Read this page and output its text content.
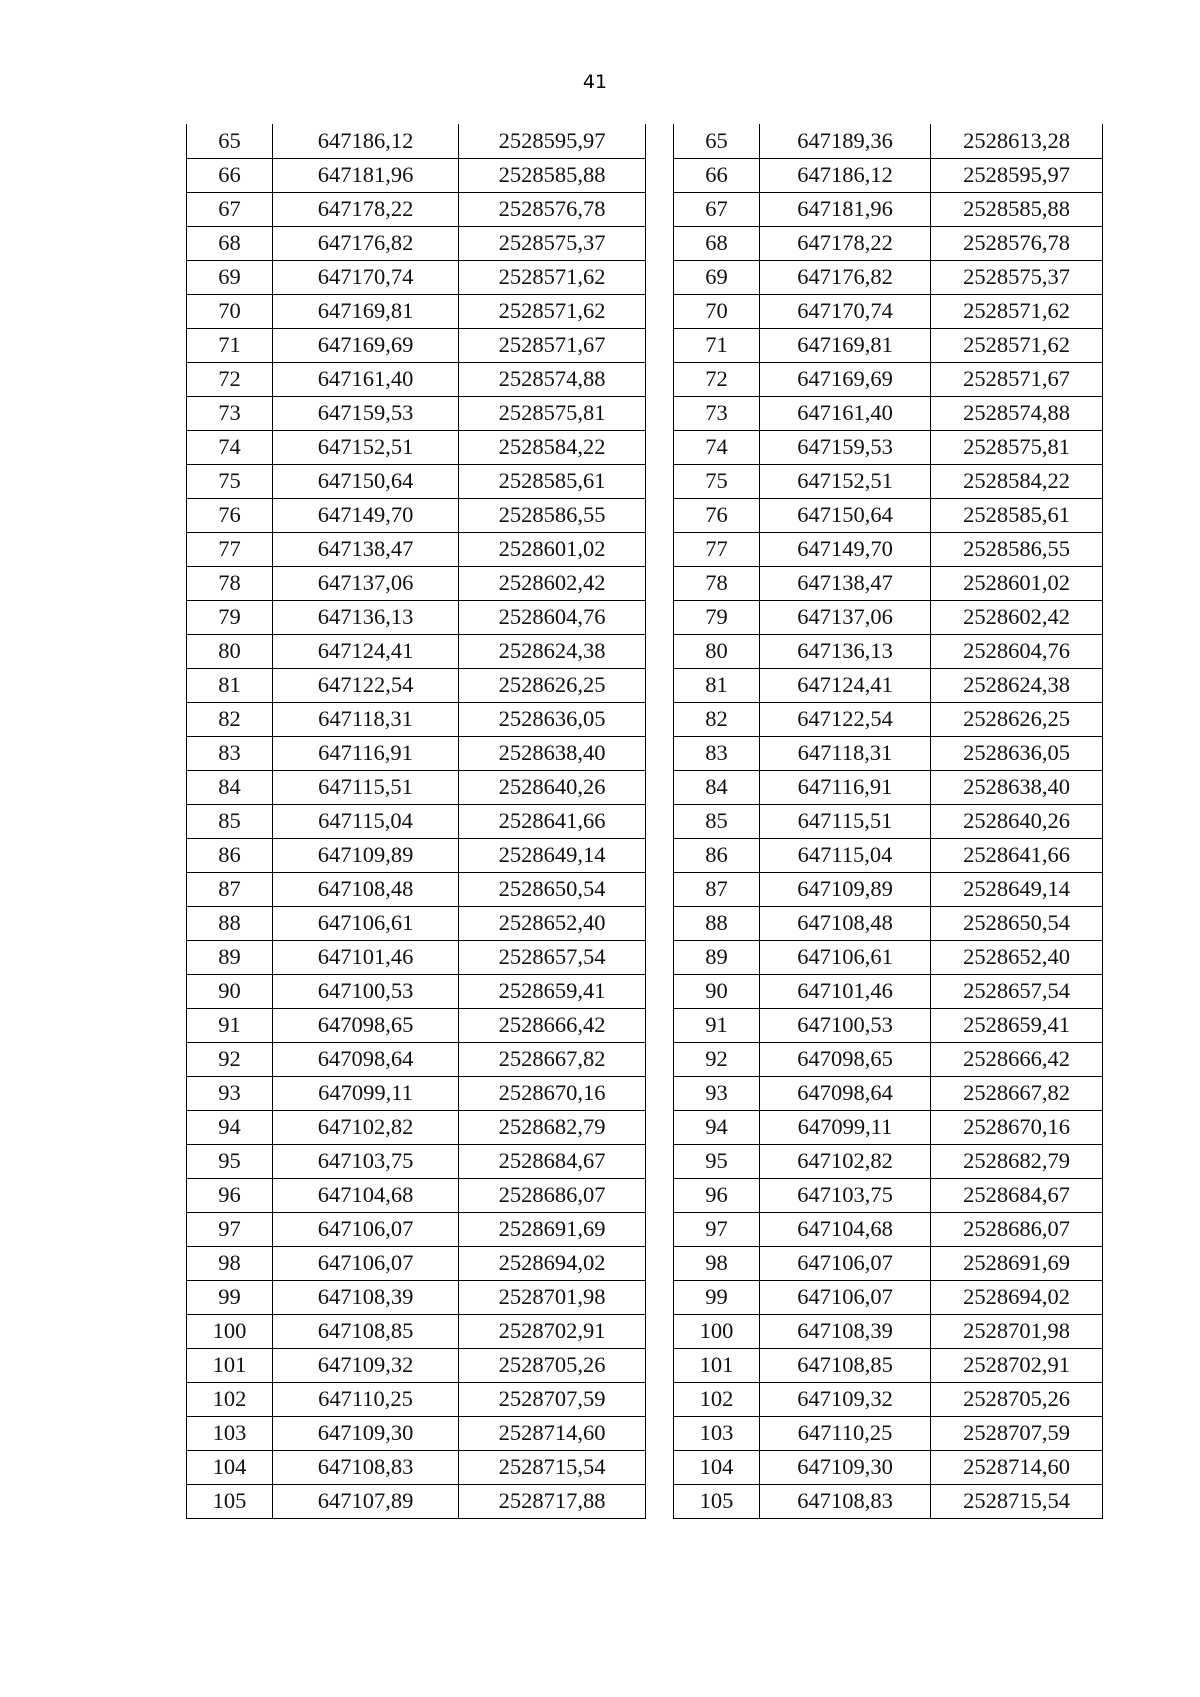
41
65	647186,12	2528595,97
66	647181,96	2528585,88
67	647178,22	2528576,78
68	647176,82	2528575,37
69	647170,74	2528571,62
70	647169,81	2528571,62
71	647169,69	2528571,67
72	647161,40	2528574,88
73	647159,53	2528575,81
74	647152,51	2528584,22
75	647150,64	2528585,61
76	647149,70	2528586,55
77	647138,47	2528601,02
78	647137,06	2528602,42
79	647136,13	2528604,76
80	647124,41	2528624,38
81	647122,54	2528626,25
82	647118,31	2528636,05
83	647116,91	2528638,40
84	647115,51	2528640,26
85	647115,04	2528641,66
86	647109,89	2528649,14
87	647108,48	2528650,54
88	647106,61	2528652,40
89	647101,46	2528657,54
90	647100,53	2528659,41
91	647098,65	2528666,42
92	647098,64	2528667,82
93	647099,11	2528670,16
94	647102,82	2528682,79
95	647103,75	2528684,67
96	647104,68	2528686,07
97	647106,07	2528691,69
98	647106,07	2528694,02
99	647108,39	2528701,98
100	647108,85	2528702,91
101	647109,32	2528705,26
102	647110,25	2528707,59
103	647109,30	2528714,60
104	647108,83	2528715,54
105	647107,89	2528717,88
65	647189,36	2528613,28
66	647186,12	2528595,97
67	647181,96	2528585,88
68	647178,22	2528576,78
69	647176,82	2528575,37
70	647170,74	2528571,62
71	647169,81	2528571,62
72	647169,69	2528571,67
73	647161,40	2528574,88
74	647159,53	2528575,81
75	647152,51	2528584,22
76	647150,64	2528585,61
77	647149,70	2528586,55
78	647138,47	2528601,02
79	647137,06	2528602,42
80	647136,13	2528604,76
81	647124,41	2528624,38
82	647122,54	2528626,25
83	647118,31	2528636,05
84	647116,91	2528638,40
85	647115,51	2528640,26
86	647115,04	2528641,66
87	647109,89	2528649,14
88	647108,48	2528650,54
89	647106,61	2528652,40
90	647101,46	2528657,54
91	647100,53	2528659,41
92	647098,65	2528666,42
93	647098,64	2528667,82
94	647099,11	2528670,16
95	647102,82	2528682,79
96	647103,75	2528684,67
97	647104,68	2528686,07
98	647106,07	2528691,69
99	647106,07	2528694,02
100	647108,39	2528701,98
101	647108,85	2528702,91
102	647109,32	2528705,26
103	647110,25	2528707,59
104	647109,30	2528714,60
105	647108,83	2528715,54
